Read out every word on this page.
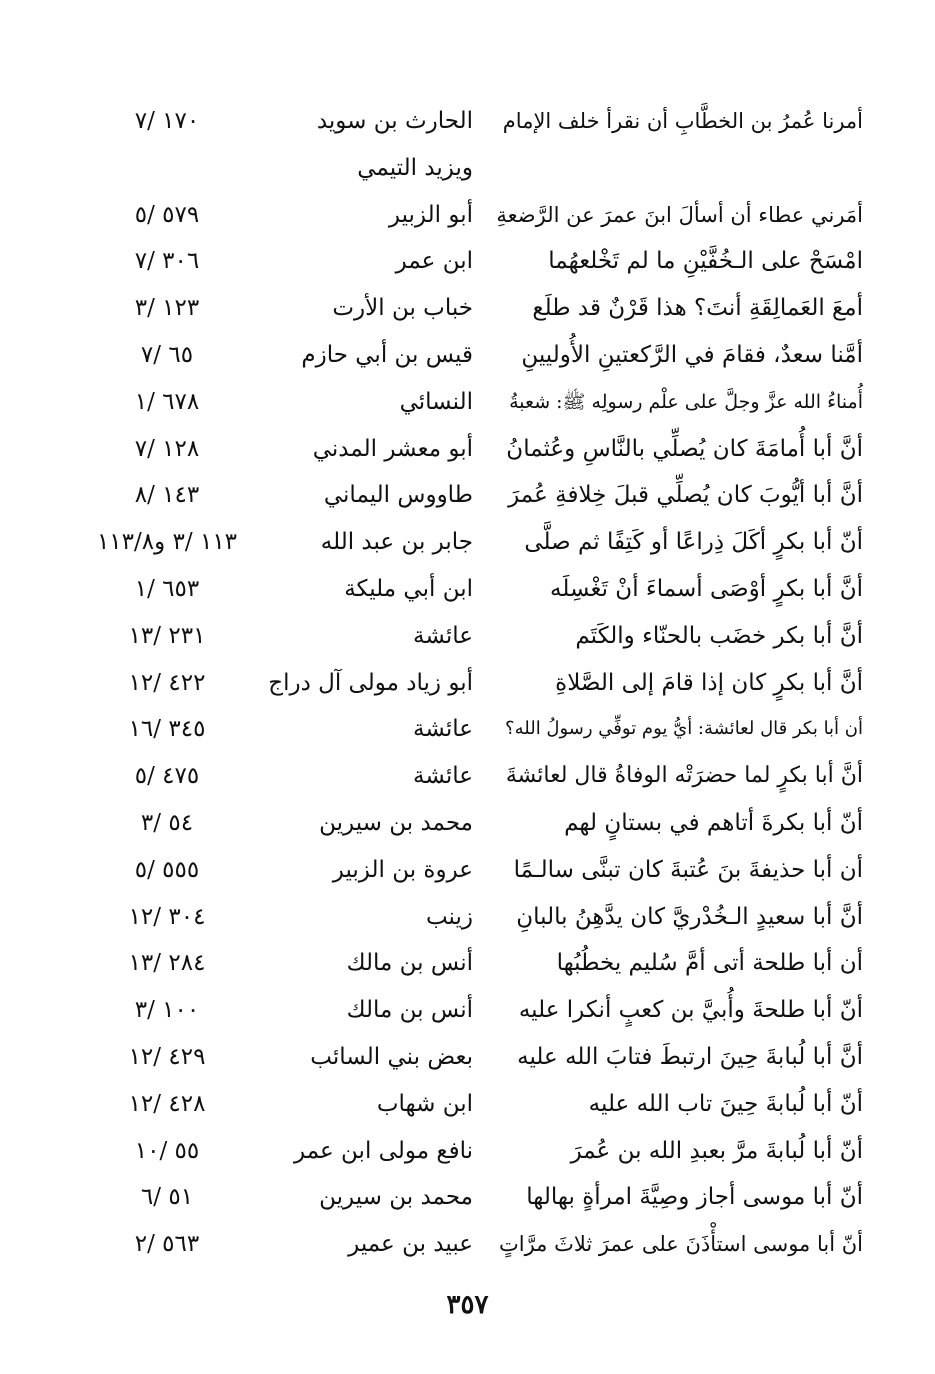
أمرنا عُمرُ بن الخطَّابِ أن نقرأ خلف الإمام
الحارث بن سويد
١٧٠ /٧
ويزيد التيمي
أمَرني عطاء أن أسألَ ابنَ عمرَ عن الرَّضعةِ
أبو الزبير
٥٧٩ /٥
امْسَحْ على الـخُفَّيْنِ ما لم تَخْلعهُما
ابن عمر
٣٠٦ /٧
أمعَ العَمالِقَةِ أنتَ؟ هذا قَرْنٌ قد طلَع
خباب بن الأرت
١٢٣ /٣
أمَّنا سعدٌ، فقامَ في الرَّكعتينِ الأُوليينِ
قيس بن أبي حازم
٦٥ /٧
أُمناءُ الله عزَّ وجلَّ على علْم رسولِه ﷺ: شعبةُ
النسائي
٦٧٨ /١
أنَّ أبا أُمامَةَ كان يُصلِّي بالنَّاسِ وعُثمانُ
أبو معشر المدني
١٢٨ /٧
أنَّ أبا أيُّوبَ كان يُصلِّي قبلَ خِلافةِ عُمرَ
طاووس اليماني
١٤٣ /٨
أنّ أبا بكرٍ أكَلَ ذِراعًا أو كَتِفًا ثم صلَّى
جابر بن عبد الله
١١٣ /٣ و١١٣/٨
أنَّ أبا بكرٍ أوْصَى أسماءَ أنْ تَغْسِلَه
ابن أبي مليكة
٦٥٣ /١
أنَّ أبا بكر خضَب بالحنّاء والكَتَم
عائشة
٢٣١ /١٣
أنَّ أبا بكرٍ كان إذا قامَ إلى الصَّلاةِ
أبو زياد مولى آل دراج
٤٢٢ /١٢
أن أبا بكر قال لعائشة: أيُّ يوم توفِّي رسولُ الله؟
عائشة
٣٤٥ /١٦
أنَّ أبا بكرٍ لما حضرَتْه الوفاةُ قال لعائشةَ
عائشة
٤٧٥ /٥
أنّ أبا بكرةَ أتاهم في بستانٍ لهم
محمد بن سيرين
٥٤ /٣
أن أبا حذيفةَ بنَ عُتبةَ كان تبنَّى سالـمًا
عروة بن الزبير
٥٥٥ /٥
أنَّ أبا سعيدٍ الـخُدْريَّ كان يدَّهِنُ بالبانِ
زينب
٣٠٤ /١٢
أن أبا طلحة أتى أمَّ سُليم يخطُبُها
أنس بن مالك
٢٨٤ /١٣
أنّ أبا طلحةَ وأُبيَّ بن كعبٍ أنكرا عليه
أنس بن مالك
١٠٠ /٣
أنَّ أبا لُبابةَ حِينَ ارتبطَ فتابَ الله عليه
بعض بني السائب
٤٢٩ /١٢
أنّ أبا لُبابةَ حِينَ تاب الله عليه
ابن شهاب
٤٢٨ /١٢
أنّ أبا لُبابةَ مرَّ بعبدِ الله بن عُمرَ
نافع مولى ابن عمر
٥٥ /١٠
أنّ أبا موسى أجاز وصِيَّةَ امرأةٍ بهالها
محمد بن سيرين
٥١ /٦
أنّ أبا موسى استأْذَنَ على عمرَ ثلاثَ مرَّاتٍ
عبيد بن عمير
٥٦٣ /٢
٣٥٧
